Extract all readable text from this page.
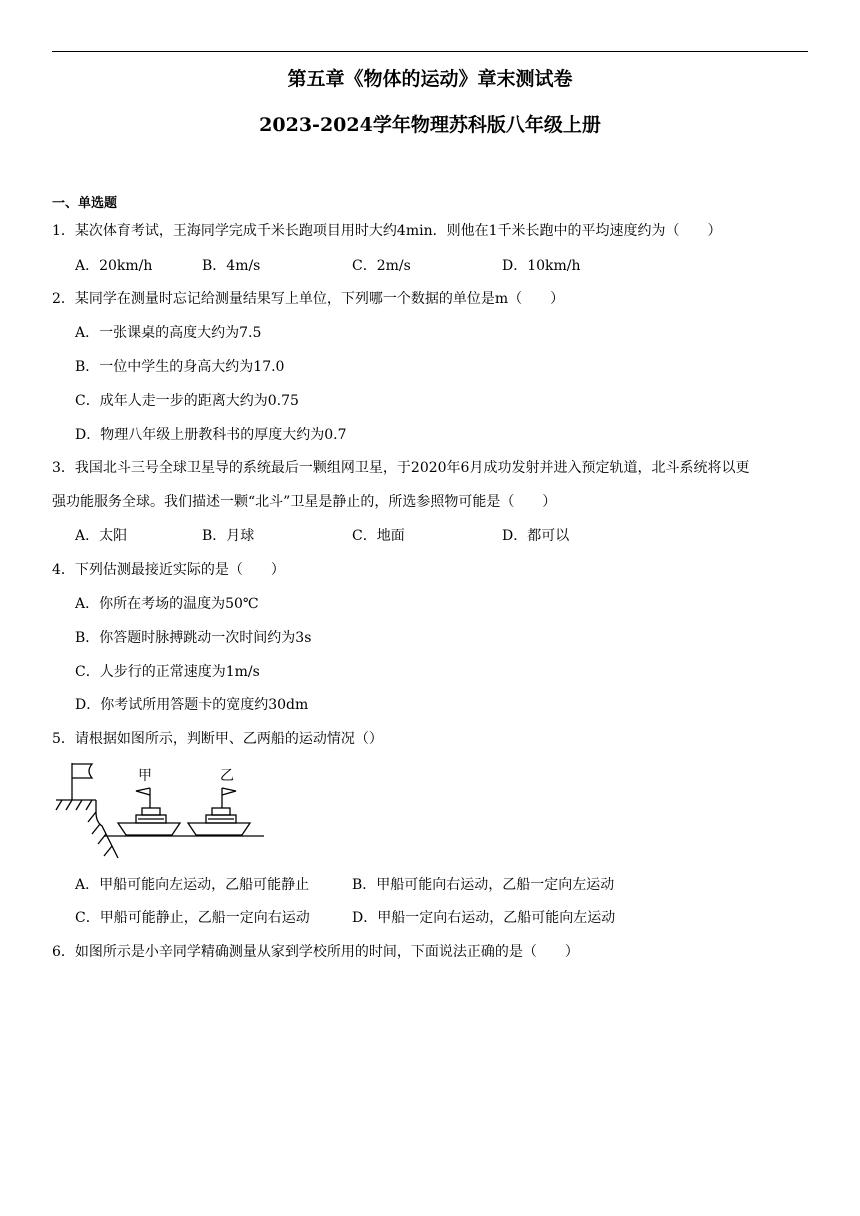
第五章《物体的运动》章末测试卷
2023-2024学年物理苏科版八年级上册
一、单选题
1．某次体育考试，王海同学完成千米长跑项目用时大约4min．则他在1千米长跑中的平均速度约为（　　）
A．20km/h	B．4m/s	C．2m/s	D．10km/h
2．某同学在测量时忘记给测量结果写上单位，下列哪一个数据的单位是m（　　）
A．一张课桌的高度大约为7.5
B．一位中学生的身高大约为17.0
C．成年人走一步的距离大约为0.75
D．物理八年级上册教科书的厚度大约为0.7
3．我国北斗三号全球卫星导的系统最后一颗组网卫星，于2020年6月成功发射并进入预定轨道，北斗系统将以更
强功能服务全球。我们描述一颗“北斗”卫星是静止的，所选参照物可能是（　　）
A．太阳	B．月球	C．地面	D．都可以
4．下列估测最接近实际的是（　　）
A．你所在考场的温度为50℃
B．你答题时脉搏跳动一次时间约为3s
C．人步行的正常速度为1m/s
D．你考试所用答题卡的宽度约30dm
5．请根据如图所示，判断甲、乙两船的运动情况（）
甲	乙
A．甲船可能向左运动，乙船可能静止	B．甲船可能向右运动，乙船一定向左运动
C．甲船可能静止，乙船一定向右运动	D．甲船一定向右运动，乙船可能向左运动
6．如图所示是小辛同学精确测量从家到学校所用的时间，下面说法正确的是（　　）
